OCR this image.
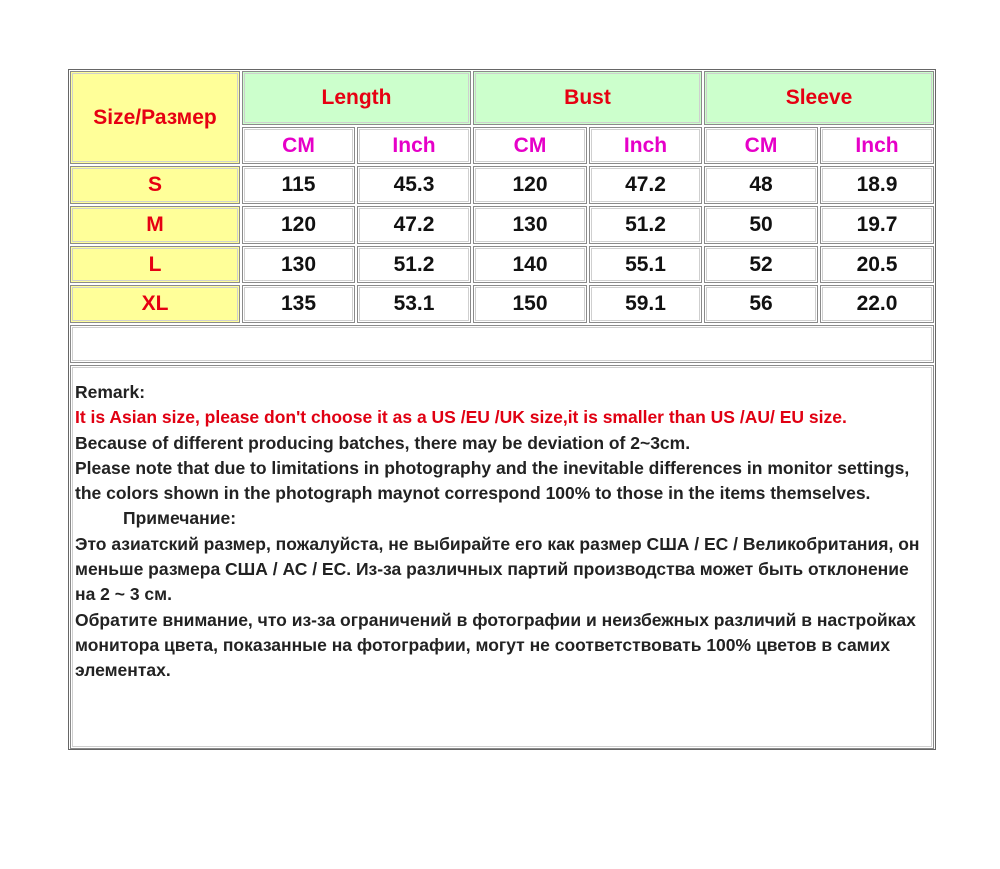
Size/Размер
Length	Bust	Sleeve
CM	Inch	CM	Inch	CM	Inch
S	115	45.3	120	47.2	48	18.9
M	120	47.2	130	51.2	50	19.7
L	130	51.2	140	55.1	52	20.5
XL	135	53.1	150	59.1	56	22.0

Remark:

It is Asian size, please don't choose it as a US /EU /UK size,it is smaller than US /AU/ EU size.

Because of different producing batches, there may be deviation of 2~3cm.

Please note that due to limitations in photography and the inevitable differences in monitor settings, the colors shown in the photograph maynot correspond 100% to those in the items themselves.Примечание:

Это азиатский размер, пожалуйста, не выбирайте его как размер США / ЕС / Великобритания, он меньше размера США / АС / ЕС. Из-за различных партий производства может быть отклонение на 2 ~ 3 см.

Обратите внимание, что из-за ограничений в фотографии и неизбежных различий в настройках монитора цвета, показанные на фотографии, могут не соответствовать 100% цветов в самих элементах.
